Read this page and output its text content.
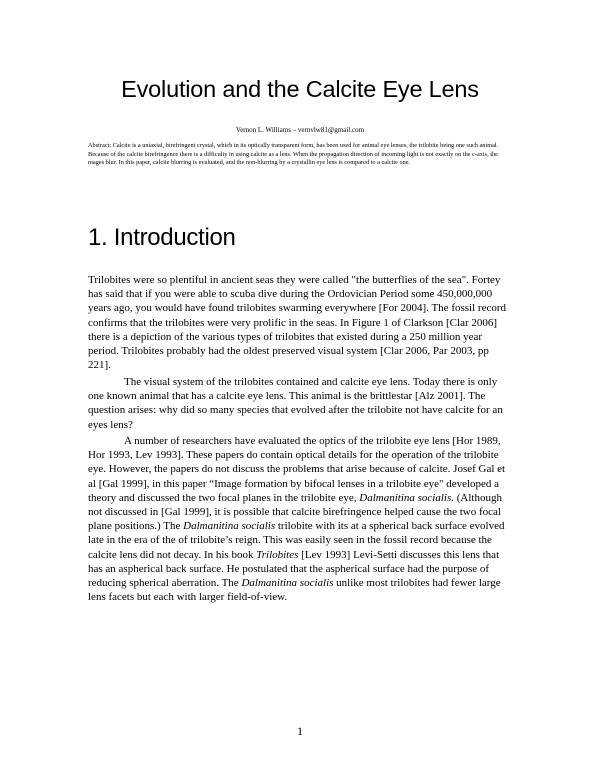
Evolution and the Calcite Eye Lens
Vernon L. Williams – vernvlw81@gmail.com

Abstract: Calcite is a uniaxial, birefringent crystal, which in its optically transparent form, has been used for animal eye lenses, the trilobite being one such animal. Because of the calcite birefringence there is a difficulty in using calcite as a lens. When the propagation direction of incoming light is not exactly on the c-axis, the mages blur. In this paper, calcite blurring is evaluated, and the non-blurring by a crystallin eye lens is compared to a calcite one.

1. Introduction

Trilobites were so plentiful in ancient seas they were called "the butterflies of the sea". Fortey has said that if you were able to scuba dive during the Ordovician Period some 450,000,000 years ago, you would have found trilobites swarming everywhere [For 2004]. The fossil record confirms that the trilobites were very prolific in the seas. In Figure 1 of Clarkson [Clar 2006] there is a depiction of the various types of trilobites that existed during a 250 million year period. Trilobites probably had the oldest preserved visual system [Clar 2006, Par 2003, pp 221].

The visual system of the trilobites contained and calcite eye lens. Today there is only one known animal that has a calcite eye lens. This animal is the brittlestar [Alz 2001]. The question arises: why did so many species that evolved after the trilobite not have calcite for an eyes lens?

A number of researchers have evaluated the optics of the trilobite eye lens [Hor 1989, Hor 1993, Lev 1993]. These papers do contain optical details for the operation of the trilobite eye. However, the papers do not discuss the problems that arise because of calcite. Josef Gal et al [Gal 1999], in this paper “Image formation by bifocal lenses in a trilobite eye" developed a theory and discussed the two focal planes in the trilobite eye, Dalmanitina socialis. (Although not discussed in [Gal 1999], it is possible that calcite birefringence helped cause the two focal plane positions.) The Dalmanitina socialis trilobite with its at a spherical back surface evolved late in the era of the of trilobite’s reign. This was easily seen in the fossil record because the calcite lens did not decay. In his book Trilobites [Lev 1993] Levi-Setti discusses this lens that has an aspherical back surface. He postulated that the aspherical surface had the purpose of reducing spherical aberration. The Dalmanitina socialis unlike most trilobites had fewer large lens facets but each with larger field-of-view.

1
